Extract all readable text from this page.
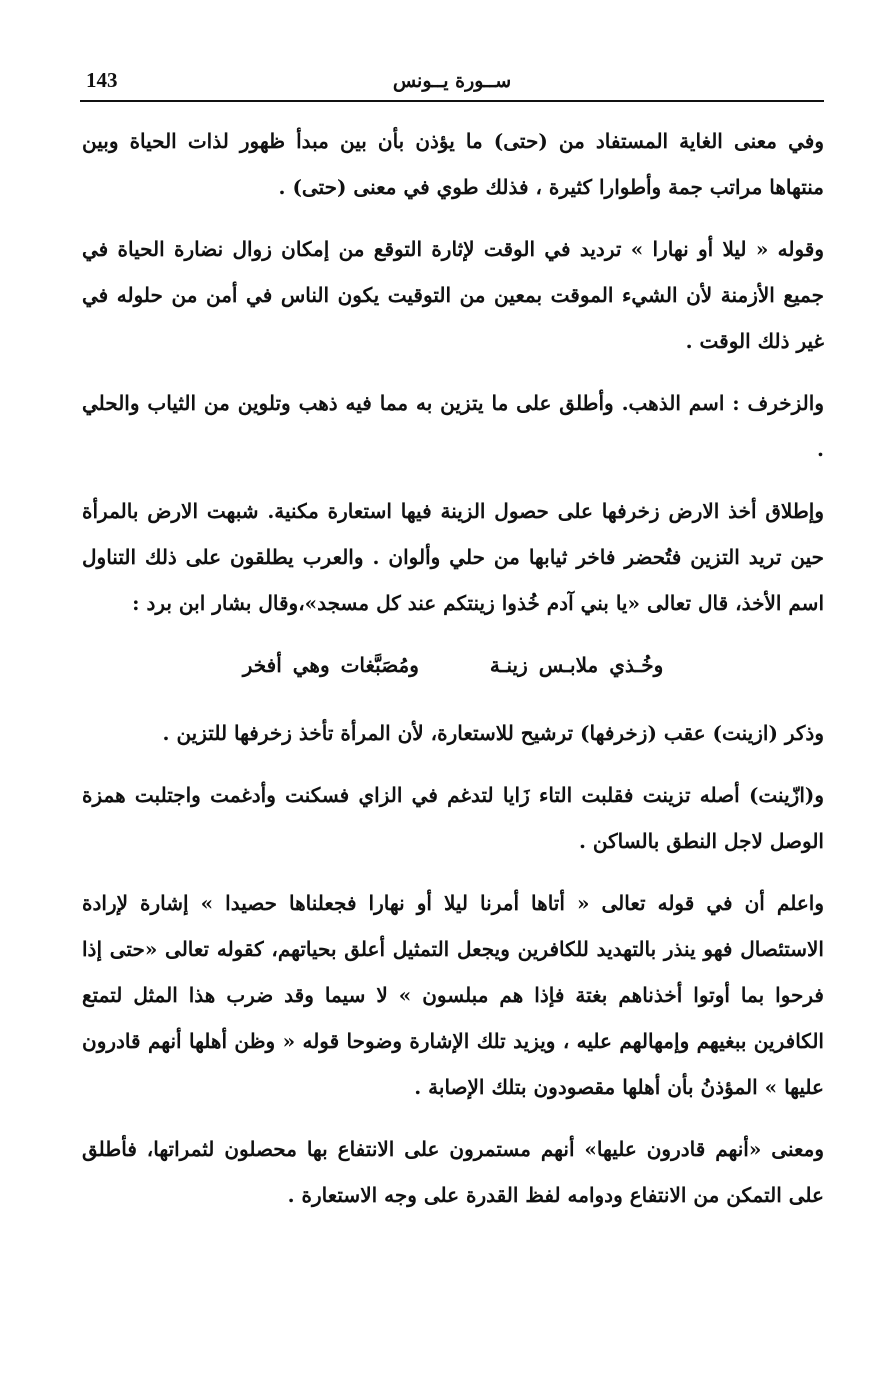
143	ســورة يــونس

وفي معنى الغاية المستفاد من (حتى) ما يؤذن بأن بين مبدأ ظهور لذات الحياة وبين منتهاها مراتب جمة وأطوارا كثيرة ، فذلك طوي في معنى (حتى) .

وقوله « ليلا أو نهارا » ترديد في الوقت لإثارة التوقع من إمكان زوال نضارة الحياة في جميع الأزمنة لأن الشيء الموقت بمعين من التوقيت يكون الناس في أمن من حلوله في غير ذلك الوقت .

والزخرف : اسم الذهب. وأطلق على ما يتزين به مما فيه ذهب وتلوين من الثياب والحلي .

وإطلاق أخذ الارض زخرفها على حصول الزينة فيها استعارة مكنية. شبهت الارض بالمرأة حين تريد التزين فتُحضر فاخر ثيابها من حلي وألوان . والعرب يطلقون على ذلك التناول اسم الأخذ، قال تعالى «يا بني آدم خُذوا زينتكم عند كل مسجد»،وقال بشار ابن برد :

وخُـذي ملابـس زينـة ومُصَبَّغات وهي أفخر

وذكر (ازينت) عقب (زخرفها) ترشيح للاستعارة، لأن المرأة تأخذ زخرفها للتزين .

و(ازّينت) أصله تزينت فقلبت التاء زَايا لتدغم في الزاي فسكنت وأدغمت واجتلبت همزة الوصل لاجل النطق بالساكن .

واعلم أن في قوله تعالى « أتاها أمرنا ليلا أو نهارا فجعلناها حصيدا » إشارة لإرادة الاستئصال فهو ينذر بالتهديد للكافرين ويجعل التمثيل أعلق بحياتهم، كقوله تعالى «حتى إذا فرحوا بما أوتوا أخذناهم بغتة فإذا هم مبلسون » لا سيما وقد ضرب هذا المثل لتمتع الكافرين ببغيهم وإمهالهم عليه ، ويزيد تلك الإشارة وضوحا قوله « وظن أهلها أنهم قادرون عليها » المؤذنُ بأن أهلها مقصودون بتلك الإصابة .

ومعنى «أنهم قادرون عليها» أنهم مستمرون على الانتفاع بها محصلون لثمراتها، فأطلق على التمكن من الانتفاع ودوامه لفظ القدرة على وجه الاستعارة .
